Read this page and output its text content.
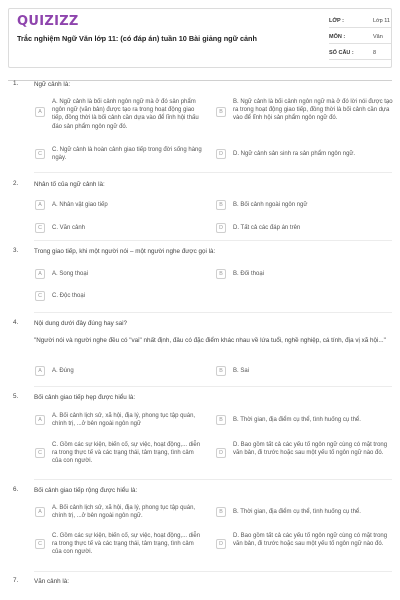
QUIZIZZ
Trắc nghiệm Ngữ Văn lớp 11: (có đáp án) tuần 10 Bài giảng ngữ cảnh
LỚP :	Lớp 11
MÔN :	Văn
SỐ CÂU :	8
1. Ngữ cảnh là:
A
A. Ngữ cảnh là bối cảnh ngôn ngữ mà ở đó sản phẩm ngôn ngữ (văn bản) được tạo ra trong hoạt động giao tiếp, đồng thời là bối cảnh cần dựa vào để lĩnh hội thấu đáo sản phẩm ngôn ngữ đó.
B
B. Ngữ cảnh là bối cảnh ngôn ngữ mà ở đó lời nói được tạo ra trong hoạt động giao tiếp, đồng thời là bối cảnh cần dựa vào để lĩnh hội sản phẩm ngôn ngữ đó.
C
C. Ngữ cảnh là hoàn cảnh giao tiếp trong đời sống hàng ngày.
D	D. Ngữ cảnh sản sinh ra sản phẩm ngôn ngữ.
2. Nhân tố của ngữ cảnh là:
A	A. Nhân vật giao tiếp	B	B. Bối cảnh ngoài ngôn ngữ
C	C. Văn cảnh	D	D. Tất cả các đáp án trên
3. Trong giao tiếp, khi một người nói – một người nghe được gọi là:
A	A. Song thoại	B	B. Đối thoại
C	C. Độc thoại
4. Nội dung dưới đây đúng hay sai?
"Người nói và người nghe đều có "vai" nhất định, đâu có đặc điểm khác nhau về lứa tuổi, nghề nghiệp, cá tính, địa vị xã hội..."
A	A. Đúng	B	B. Sai
5. Bối cảnh giao tiếp hẹp được hiểu là:
A
A. Bối cảnh lịch sử, xã hội, địa lý, phong tục tập quán, chính trị, ...ở bên ngoài ngôn ngữ
B	B. Thời gian, địa điểm cụ thể, tình huống cụ thể.
C
C. Gồm các sự kiện, biến cố, sự việc, hoạt động,... diễn ra trong thực tế và các trạng thái, tâm trạng, tình cảm của con người.
D
D. Bao gồm tất cả các yếu tố ngôn ngữ cùng có mặt trong văn bản, đi trước hoặc sau một yếu tố ngôn ngữ nào đó.
6. Bối cảnh giao tiếp rộng được hiểu là:
A
A. Bối cảnh lịch sử, xã hội, địa lý, phong tục tập quán, chính trị, ...ở bên ngoài ngôn ngữ.
B	B. Thời gian, địa điểm cụ thể, tình huống cụ thể.
C
C. Gồm các sự kiện, biến cố, sự việc, hoạt động,... diễn ra trong thực tế và các trạng thái, tâm trạng, tình cảm của con người.
D
D. Bao gồm tất cả các yếu tố ngôn ngữ cùng có mặt trong văn bản, đi trước hoặc sau một yếu tố ngôn ngữ nào đó.
7. Văn cảnh là:
